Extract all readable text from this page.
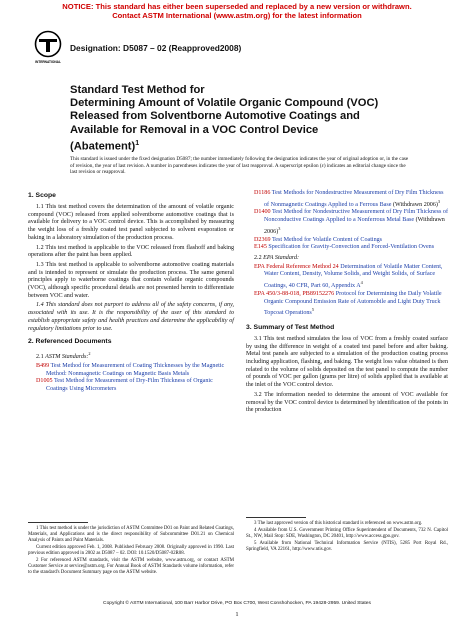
NOTICE: This standard has either been superseded and replaced by a new version or withdrawn.
Contact ASTM International (www.astm.org) for the latest information
INTERNATIONAL
Designation: D5087 – 02 (Reapproved2008)
Standard Test Method for
Determining Amount of Volatile Organic Compound (VOC)
Released from Solventborne Automotive Coatings and
Available for Removal in a VOC Control Device
(Abatement)$^1$
This standard is issued under the fixed designation D5087; the number immediately following the designation indicates the year of original adoption or, in the case of revision, the year of last revision. A number in parentheses indicates the year of last reapproval. A superscript epsilon (ε) indicates an editorial change since the last revision or reapproval.
1. Scope
1.1 This test method covers the determination of the amount of volatile organic compound (VOC) released from applied solventborne automotive coatings that is available for delivery to a VOC control device. This is accomplished by measuring the weight loss of a freshly coated test panel subjected to solvent evaporation or baking in a laboratory simulation of the production process.
1.2 This test method is applicable to the VOC released from flashoff and baking operations after the paint has been applied.
1.3 This test method is applicable to solventborne automotive coating materials and is intended to represent or simulate the production process. The same general principles apply to waterborne coatings that contain volatile organic compounds (VOC), although specific procedural details are not presented herein to differentiate between VOC and water.
1.4 This standard does not purport to address all of the safety concerns, if any, associated with its use. It is the responsibility of the user of this standard to establish appropriate safety and health practices and determine the applicability of regulatory limitations prior to use.
2. Referenced Documents
2.1 ASTM Standards:$^2$
B499 Test Method for Measurement of Coating Thicknesses by the Magnetic Method: Nonmagnetic Coatings on Magnetic Basis Metals
D1005 Test Method for Measurement of Dry-Film Thickness of Organic Coatings Using Micrometers
D1186 Test Methods for Nondestructive Measurement of Dry Film Thickness of Nonmagnetic Coatings Applied to a Ferrous Base (Withdrawn 2006)$^3$
D1400 Test Method for Nondestructive Measurement of Dry Film Thickness of Nonconductive Coatings Applied to a Nonferrous Metal Base (Withdrawn 2006)$^3$
D2369 Test Method for Volatile Content of Coatings
E145 Specification for Gravity-Convection and Forced-Ventilation Ovens
2.2 EPA Standard:
EPA Federal Reference Method 24 Determination of Volatile Matter Content, Water Content, Density, Volume Solids, and Weight Solids, of Surface Coatings, 40 CFR, Part 60, Appendix $A^4$
EPA 450/3-88-018, PB89152276 Protocol for Determining the Daily Volatile Organic Compound Emission Rate of Automobile and Light Duty Truck Topcoat Operations$^5$
3. Summary of Test Method
3.1 This test method simulates the loss of VOC from a freshly coated surface by using the difference in weight of a coated test panel before and after baking. Metal test panels are subjected to a simulation of the production coating process including application, flashing, and baking. The weight loss value obtained is then related to the volume of solids deposited on the test panel to compute the number of pounds of VOC per gallon (grams per litre) of solids applied that is available at the inlet of the VOC control device.
3.2 The information needed to determine the amount of VOC available for removal by the VOC control device is determined by identification of the points in the production
1 This test method is under the jurisdiction of ASTM Committee D01 on Paint and Related Coatings, Materials, and Applications and is the direct responsibility of Subcommittee D01.21 on Chemical Analysis of Paints and Paint Materials.
Current edition approved Feb. 1, 2008. Published February 2008. Originally approved in 1990. Last previous edition approved in 2002 as D5087 – 02. DOI: 10.1520/D5087-02R08.
2 For referenced ASTM standards, visit the ASTM website, www.astm.org, or contact ASTM Customer Service at service@astm.org. For Annual Book of ASTM Standards volume information, refer to the standard's Document Summary page on the ASTM website.
3 The last approved version of this historical standard is referenced on www.astm.org.
4 Available from U.S. Government Printing Office Superintendent of Documents, 732 N. Capitol St., NW, Mail Stop: SDE, Washington, DC 20401, http://www.access.gpo.gov.
5 Available from National Technical Information Service (NTIS), 5285 Port Royal Rd., Springfield, VA 22161, http://www.ntis.gov.
Copyright © ASTM International, 100 Barr Harbor Drive, PO Box C700, West Conshohocken, PA 19428-2959. United States
1
